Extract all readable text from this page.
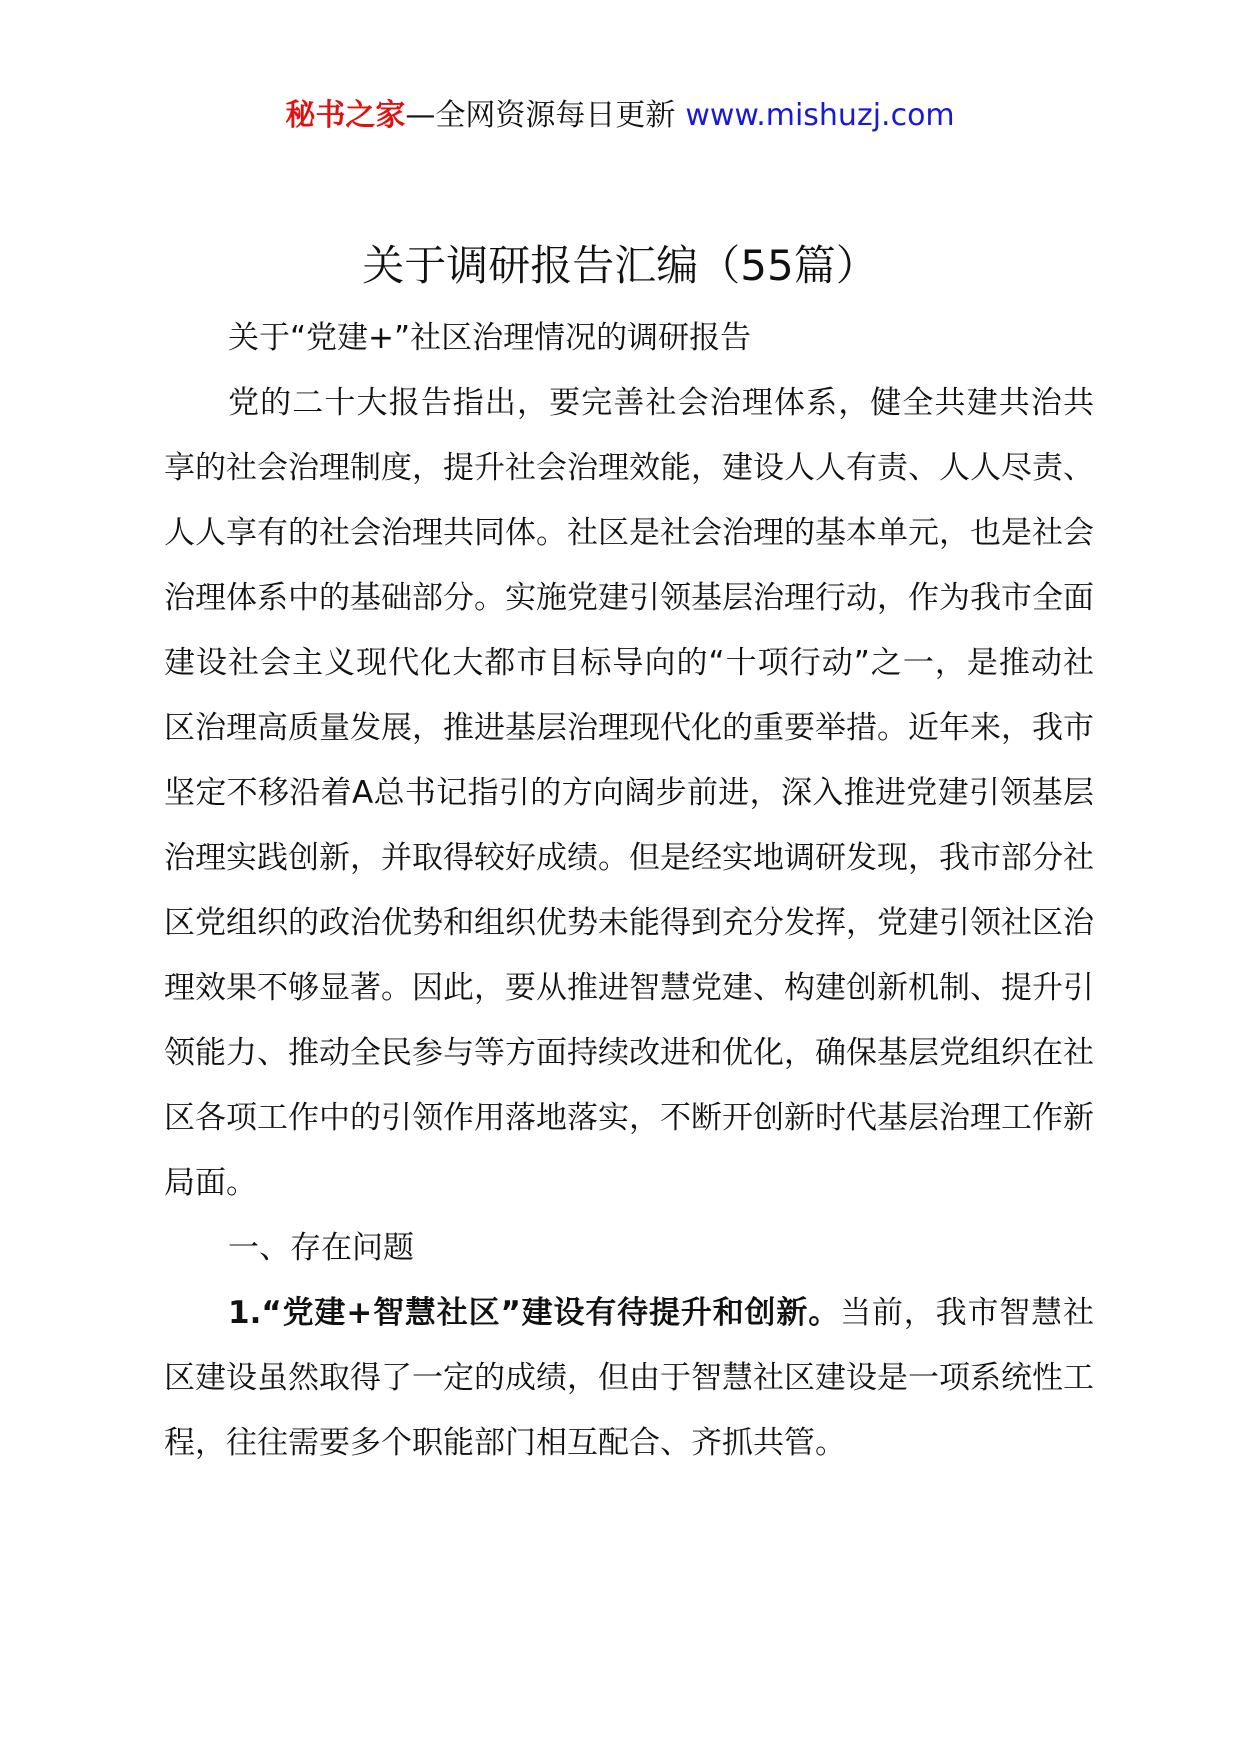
秘书之家—全网资源每日更新 www.mishuzj.com
关于调研报告汇编（55篇）

关于“党建+”社区治理情况的调研报告

党的二十大报告指出，要完善社会治理体系，健全共建共治共享的社会治理制度，提升社会治理效能，建设人人有责、人人尽责、人人享有的社会治理共同体。社区是社会治理的基本单元，也是社会治理体系中的基础部分。实施党建引领基层治理行动，作为我市全面建设社会主义现代化大都市目标导向的“十项行动”之一，是推动社区治理高质量发展，推进基层治理现代化的重要举措。近年来，我市坚定不移沿着A总书记指引的方向阔步前进，深入推进党建引领基层治理实践创新，并取得较好成绩。但是经实地调研发现，我市部分社区党组织的政治优势和组织优势未能得到充分发挥，党建引领社区治理效果不够显著。因此，要从推进智慧党建、构建创新机制、提升引领能力、推动全民参与等方面持续改进和优化，确保基层党组织在社区各项工作中的引领作用落地落实，不断开创新时代基层治理工作新局面。

一、存在问题

1.“党建+智慧社区”建设有待提升和创新。当前，我市智慧社区建设虽然取得了一定的成绩，但由于智慧社区建设是一项系统性工程，往往需要多个职能部门相互配合、齐抓共管。
